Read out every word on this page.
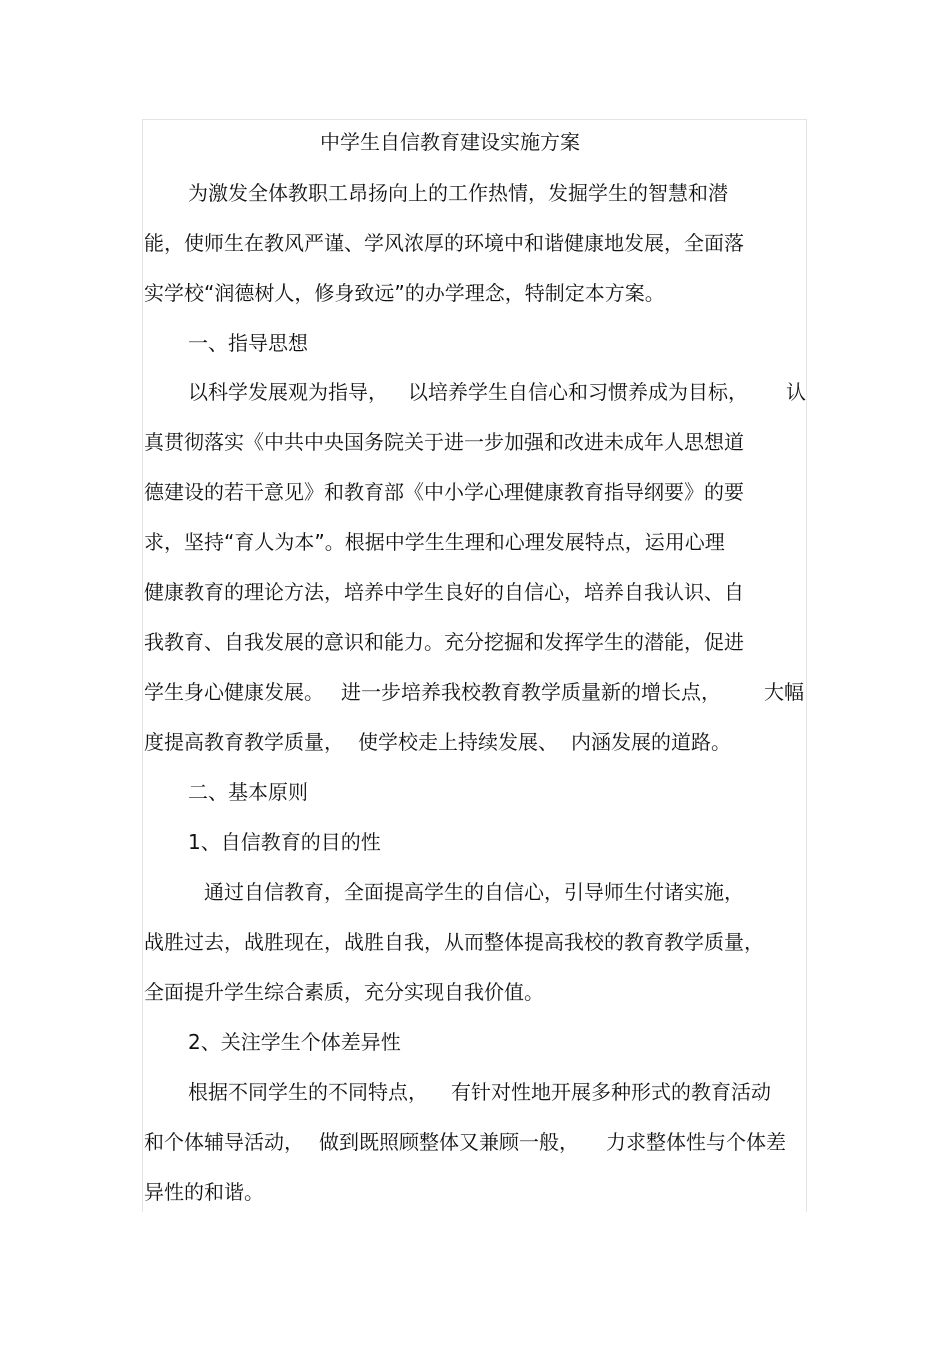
中学生自信教育建设实施方案
为激发全体教职工昂扬向上的工作热情，发掘学生的智慧和潜
能，使师生在教风严谨、学风浓厚的环境中和谐健康地发展，全面落
实学校“润德树人，修身致远”的办学理念，特制定本方案。
一、指导思想
以科学发展观为指导， 以培养学生自信心和习惯养成为目标， 认
真贯彻落实《中共中央国务院关于进一步加强和改进未成年人思想道
德建设的若干意见》和教育部《中小学心理健康教育指导纲要》的要
求，坚持“育人为本”。根据中学生生理和心理发展特点，运用心理
健康教育的理论方法，培养中学生良好的自信心，培养自我认识、自
我教育、自我发展的意识和能力。充分挖掘和发挥学生的潜能，促进
学生身心健康发展。 进一步培养我校教育教学质量新的增长点， 大幅
度提高教育教学质量， 使学校走上持续发展、 内涵发展的道路。
二、基本原则
1、自信教育的目的性
通过自信教育，全面提高学生的自信心，引导师生付诸实施，
战胜过去，战胜现在，战胜自我，从而整体提高我校的教育教学质量，
全面提升学生综合素质，充分实现自我价值。
2、关注学生个体差异性
根据不同学生的不同特点， 有针对性地开展多种形式的教育活动
和个体辅导活动， 做到既照顾整体又兼顾一般， 力求整体性与个体差
异性的和谐。
